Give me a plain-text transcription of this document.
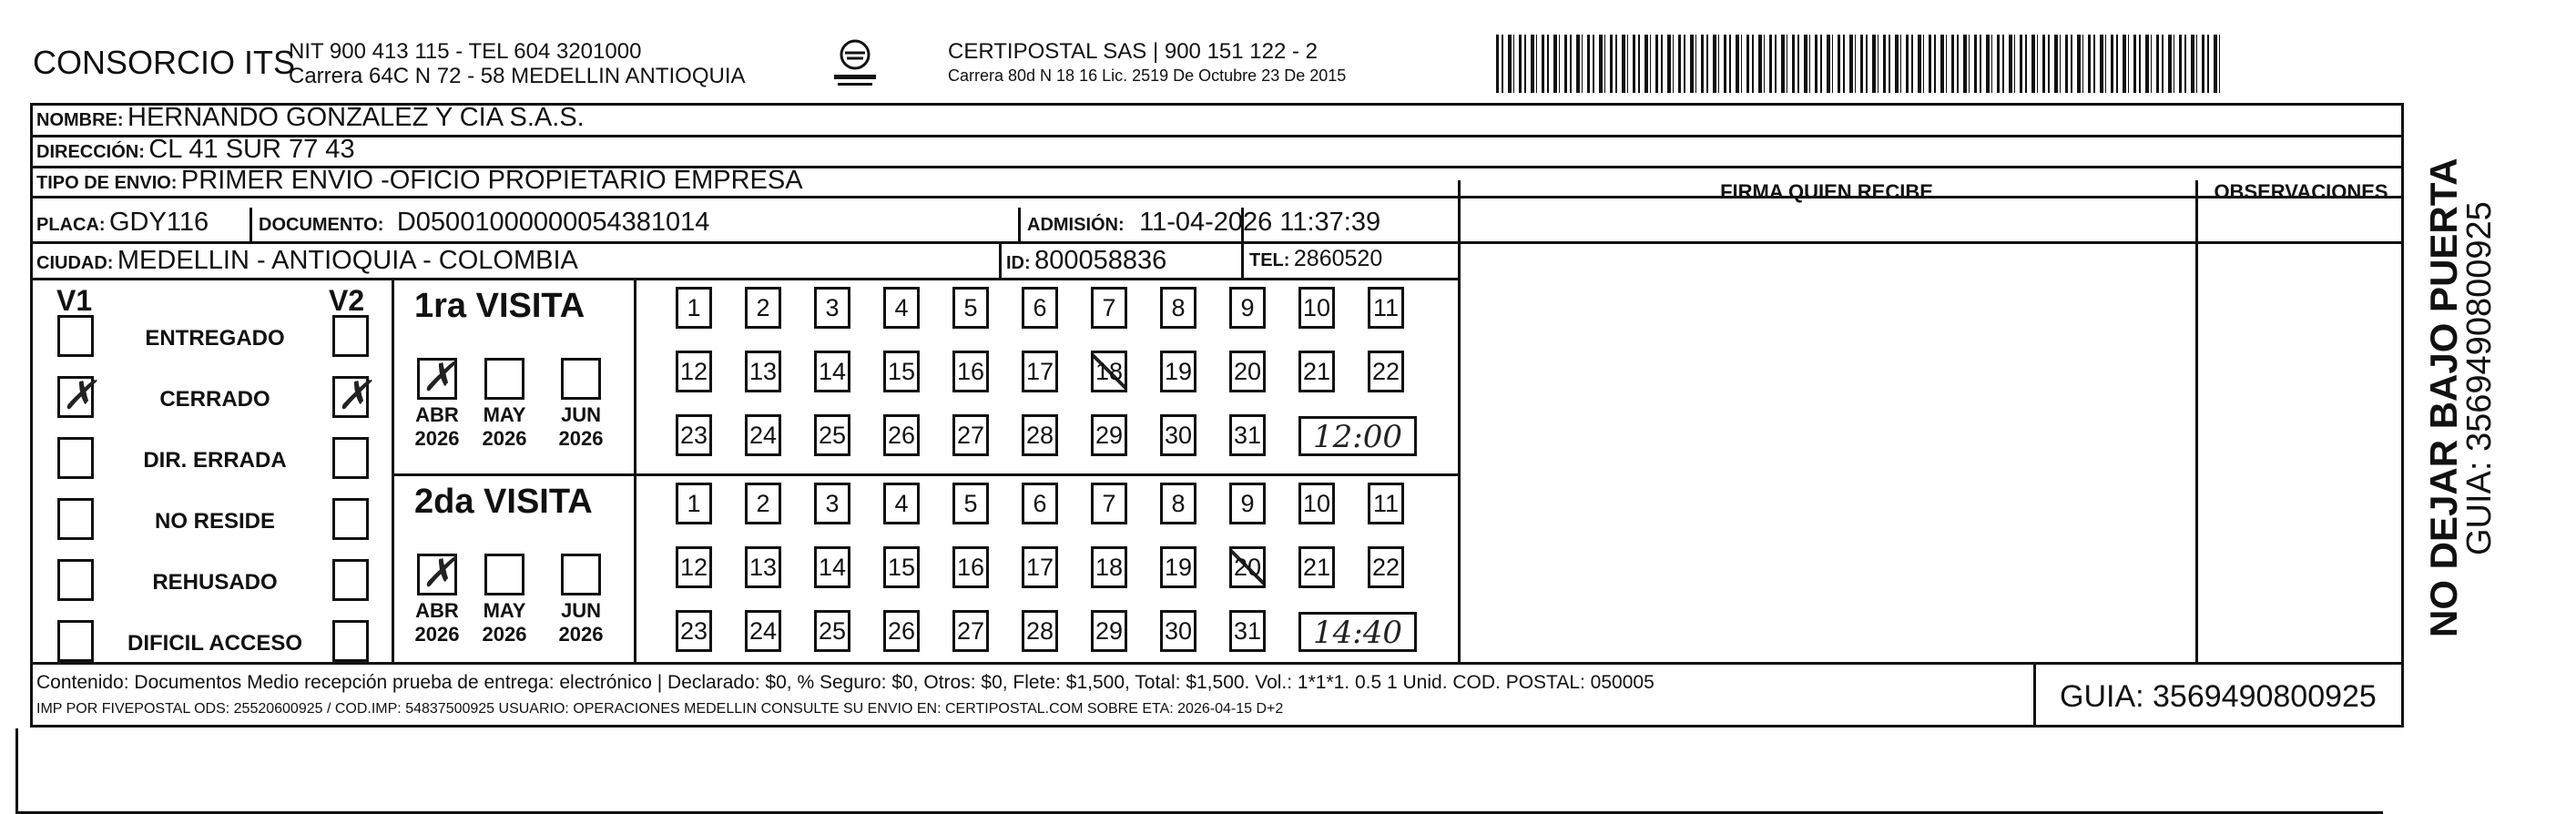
CONSORCIO ITS
NIT 900 413 115 - TEL 604 3201000
Carrera 64C N 72 - 58 MEDELLIN ANTIOQUIA
CERTIPOSTAL SAS | 900 151 122 - 2
Carrera 80d N 18 16 Lic. 2519 De Octubre 23 De 2015
NOMBRE: HERNANDO GONZALEZ Y CIA S.A.S.
DIRECCIÓN: CL 41 SUR 77 43
TIPO DE ENVIO: PRIMER ENVIO -OFICIO PROPIETARIO EMPRESA	FIRMA QUIEN RECIBE	OBSERVACIONES
PLACA: GDY116	DOCUMENTO: D05001000000054381014	ADMISIÓN: 11-04-2026 11:37:39
CIUDAD: MEDELLIN - ANTIOQUIA - COLOMBIA	ID: 800058836	TEL: 2860520
V1	V2
ENTREGADO
✗	CERRADO	✗
DIR. ERRADA
NO RESIDE
REHUSADO
DIFICIL ACCESO
1ra VISITA
✗
ABR
2026
MAY
2026
JUN
2026
1	2	3	4	5	6	7	8	9	10 11
12 13 14 15 16 17 18 19 20 21 22
23 24 25 26 27 28 29 30 31	12:00
2da VISITA
✗
ABR
2026
MAY
2026
JUN
2026
1	2	3	4	5	6	7	8	9	10 11
12 13 14 15 16 17 18 19 20 21 22
23 24 25 26 27 28 29 30 31	14:40
Contenido: Documentos Medio recepción prueba de entrega: electrónico | Declarado: $0, % Seguro: $0, Otros: $0, Flete: $1,500, Total: $1,500. Vol.: 1*1*1. 0.5 1 Unid. COD. POSTAL: 050005
IMP POR FIVEPOSTAL ODS: 25520600925 / COD.IMP: 54837500925 USUARIO: OPERACIONES MEDELLIN CONSULTE SU ENVIO EN: CERTIPOSTAL.COM SOBRE ETA: 2026-04-15 D+2	GUIA: 3569490800925
NO DEJAR BAJO PUERTA
GUIA: 3569490800925
